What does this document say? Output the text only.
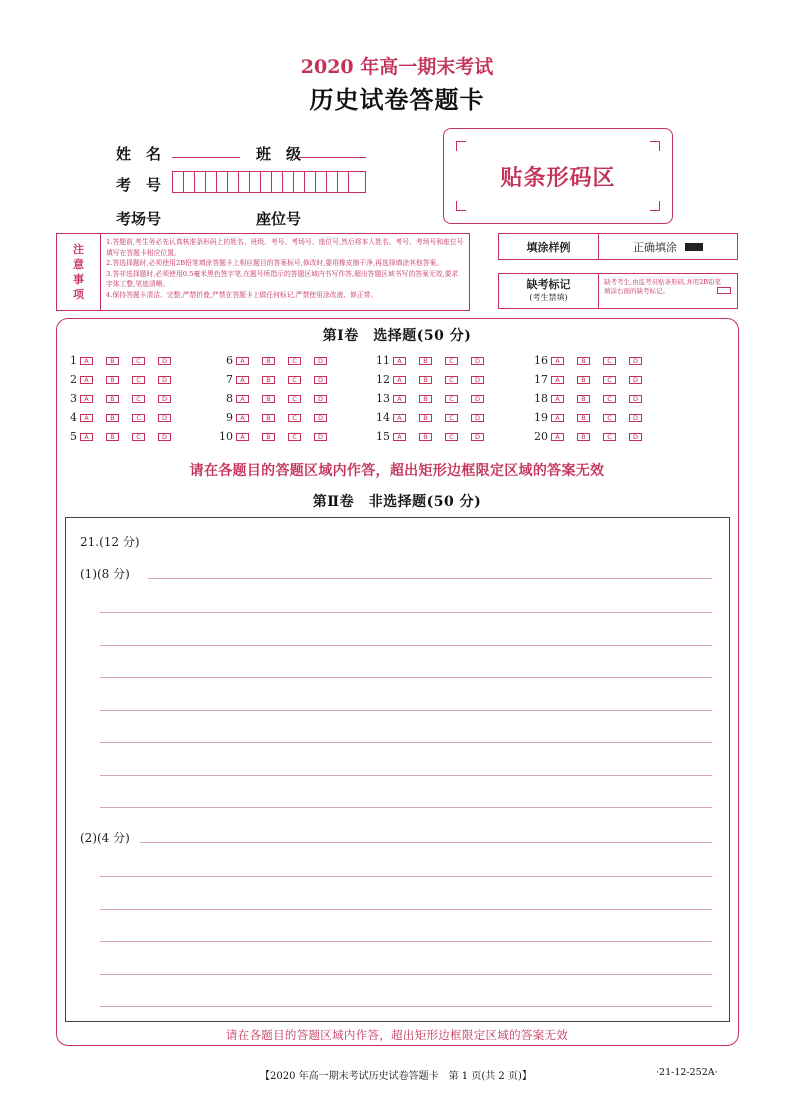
2020 年高一期末考试
历史试卷答题卡
姓　名	班　级
考　号
考场号	座位号
贴条形码区
注
意
事
项
1.答题前,考生务必先认真核准条形码上的姓名、班级、考号、考场号、座位号,然后将本人姓名、考号、考场号和座位号填写在答题卡相应位置。
2.答选择题时,必须使用2B铅笔填涂答题卡上相应题目的答案标号,修改时,要用橡皮擦干净,再选择填涂其他答案。
3.答非选择题时,必须使用0.5毫米黑色签字笔,在题号所指示的答题区域内书写作答,超出答题区域书写的答案无效,要求字体工整,笔迹清晰。
4.保持答题卡清洁、完整,严禁折叠,严禁在答题卡上做任何标记,严禁使用涂改液、修正带。
填涂样例	正确填涂
缺考标记
(考生禁填)
缺考考生,由监考员贴条形码,并用2B铅笔填涂右面的缺考标记。
第Ⅰ卷　选择题(50 分)
1	A	B	C	D
2	A	B	C	D
3	A	B	C	D
4	A	B	C	D
5	A	B	C	D
6	A	B	C	D
7	A	B	C	D
8	A	B	C	D
9	A	B	C	D
10	A	B	C	D
11	A	B	C	D
12	A	B	C	D
13	A	B	C	D
14	A	B	C	D
15	A	B	C	D
16	A	B	C	D
17	A	B	C	D
18	A	B	C	D
19	A	B	C	D
20	A	B	C	D
请在各题目的答题区域内作答，超出矩形边框限定区域的答案无效
第Ⅱ卷　非选择题(50 分)
21.(12 分)
(1)(8 分)
(2)(4 分)
请在各题目的答题区域内作答，超出矩形边框限定区域的答案无效
【2020 年高一期末考试历史试卷答题卡　第 1 页(共 2 页)】	·21-12-252A·
